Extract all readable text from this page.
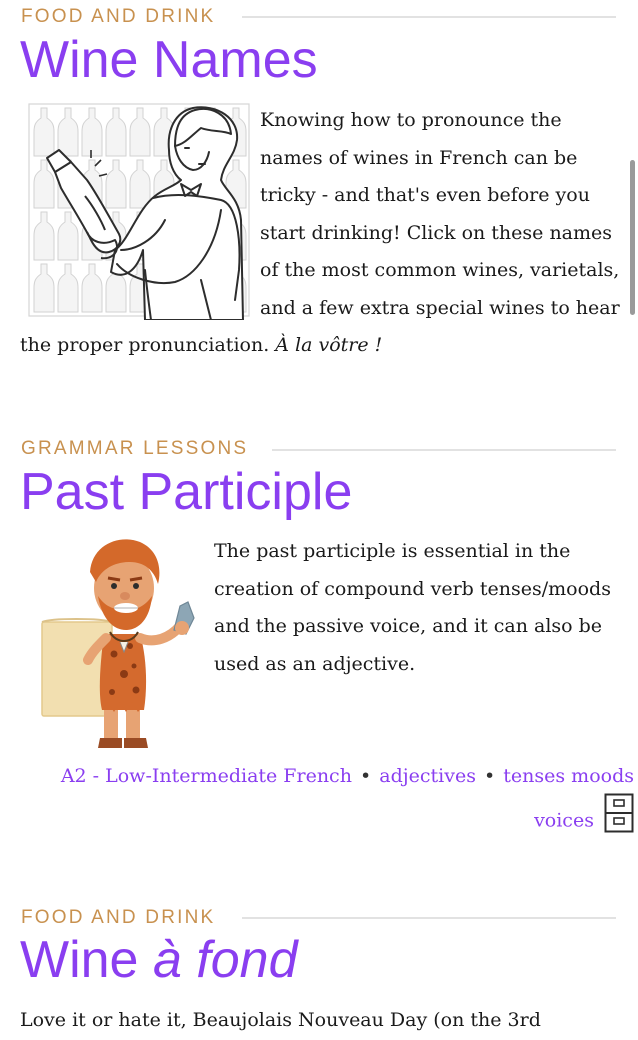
FOOD AND DRINK
Wine Names

Knowing how to pronounce the names of wines in French can be tricky - and that's even before you start drinking! Click on these names of the most common wines, varietals, and a few extra special wines to hear the proper pronunciation. À la vôtre !

GRAMMAR LESSONS
Past Participle

The past participle is essential in the creation of compound verb tenses/moods and the passive voice, and it can also be used as an adjective.

A2 - Low-Intermediate French • adjectives • tenses moods voices
FOOD AND DRINK
Wine à fond

Love it or hate it, Beaujolais Nouveau Day (on the 3rd
